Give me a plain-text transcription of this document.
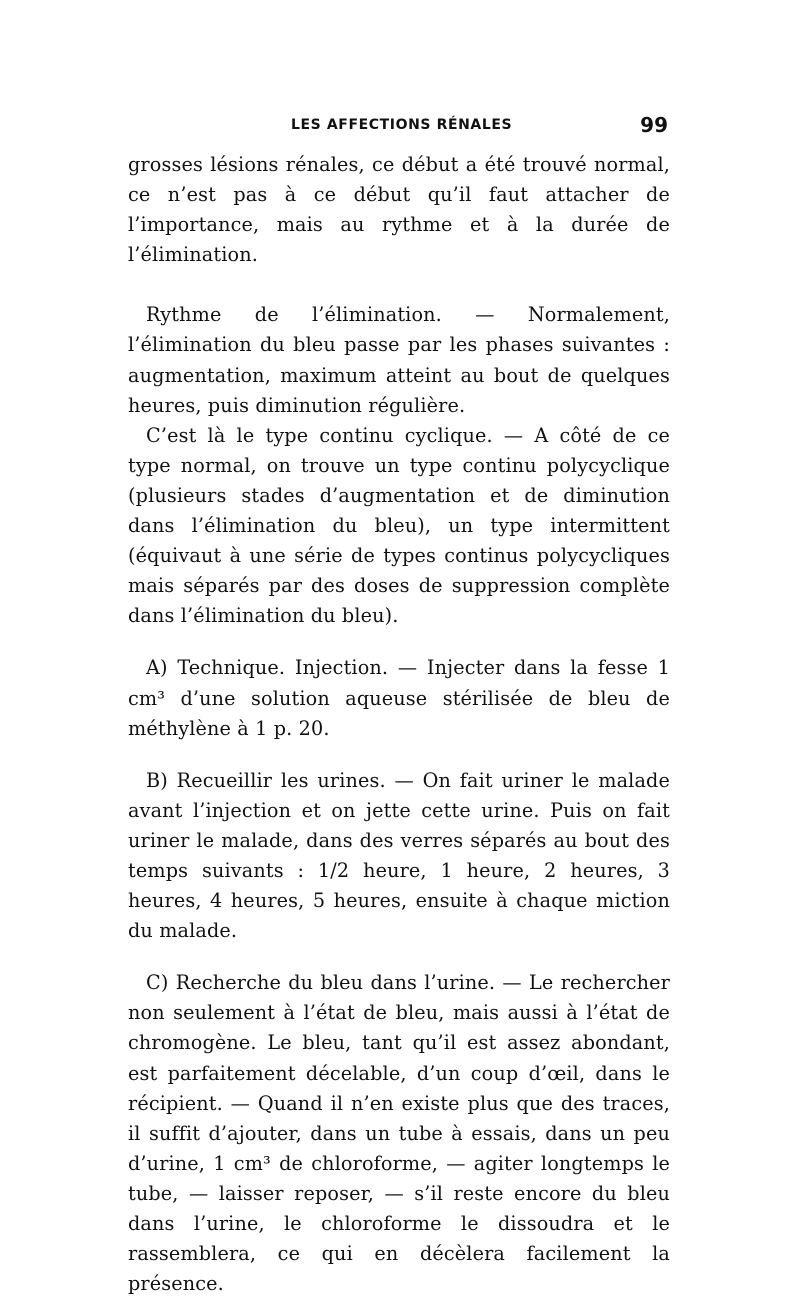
LES AFFECTIONS RÉNALES	99

grosses lésions rénales, ce début a été trouvé normal, ce n’est pas à ce début qu’il faut attacher de l’importance, mais au rythme et à la durée de l’élimination.

Rythme de l’élimination. — Normalement, l’élimination du bleu passe par les phases suivantes : augmentation, maximum atteint au bout de quelques heures, puis diminution régulière.

C’est là le type continu cyclique. — A côté de ce type normal, on trouve un type continu polycyclique (plusieurs stades d’augmentation et de diminution dans l’élimination du bleu), un type intermittent (équivaut à une série de types continus polycycliques mais séparés par des doses de suppression complète dans l’élimination du bleu).

A) Technique. Injection. — Injecter dans la fesse 1 cm³ d’une solution aqueuse stérilisée de bleu de méthylène à 1 p. 20.

B) Recueillir les urines. — On fait uriner le malade avant l’injection et on jette cette urine. Puis on fait uriner le malade, dans des verres séparés au bout des temps suivants : 1/2 heure, 1 heure, 2 heures, 3 heures, 4 heures, 5 heures, ensuite à chaque miction du malade.

C) Recherche du bleu dans l’urine. — Le rechercher non seulement à l’état de bleu, mais aussi à l’état de chromogène. Le bleu, tant qu’il est assez abondant, est parfaitement décelable, d’un coup d’œil, dans le récipient. — Quand il n’en existe plus que des traces, il suffit d’ajouter, dans un tube à essais, dans un peu d’urine, 1 cm³ de chloroforme, — agiter longtemps le tube, — laisser reposer, — s’il reste encore du bleu dans l’urine, le chloroforme le dissoudra et le rassemblera, ce qui en décèlera facilement la présence.
